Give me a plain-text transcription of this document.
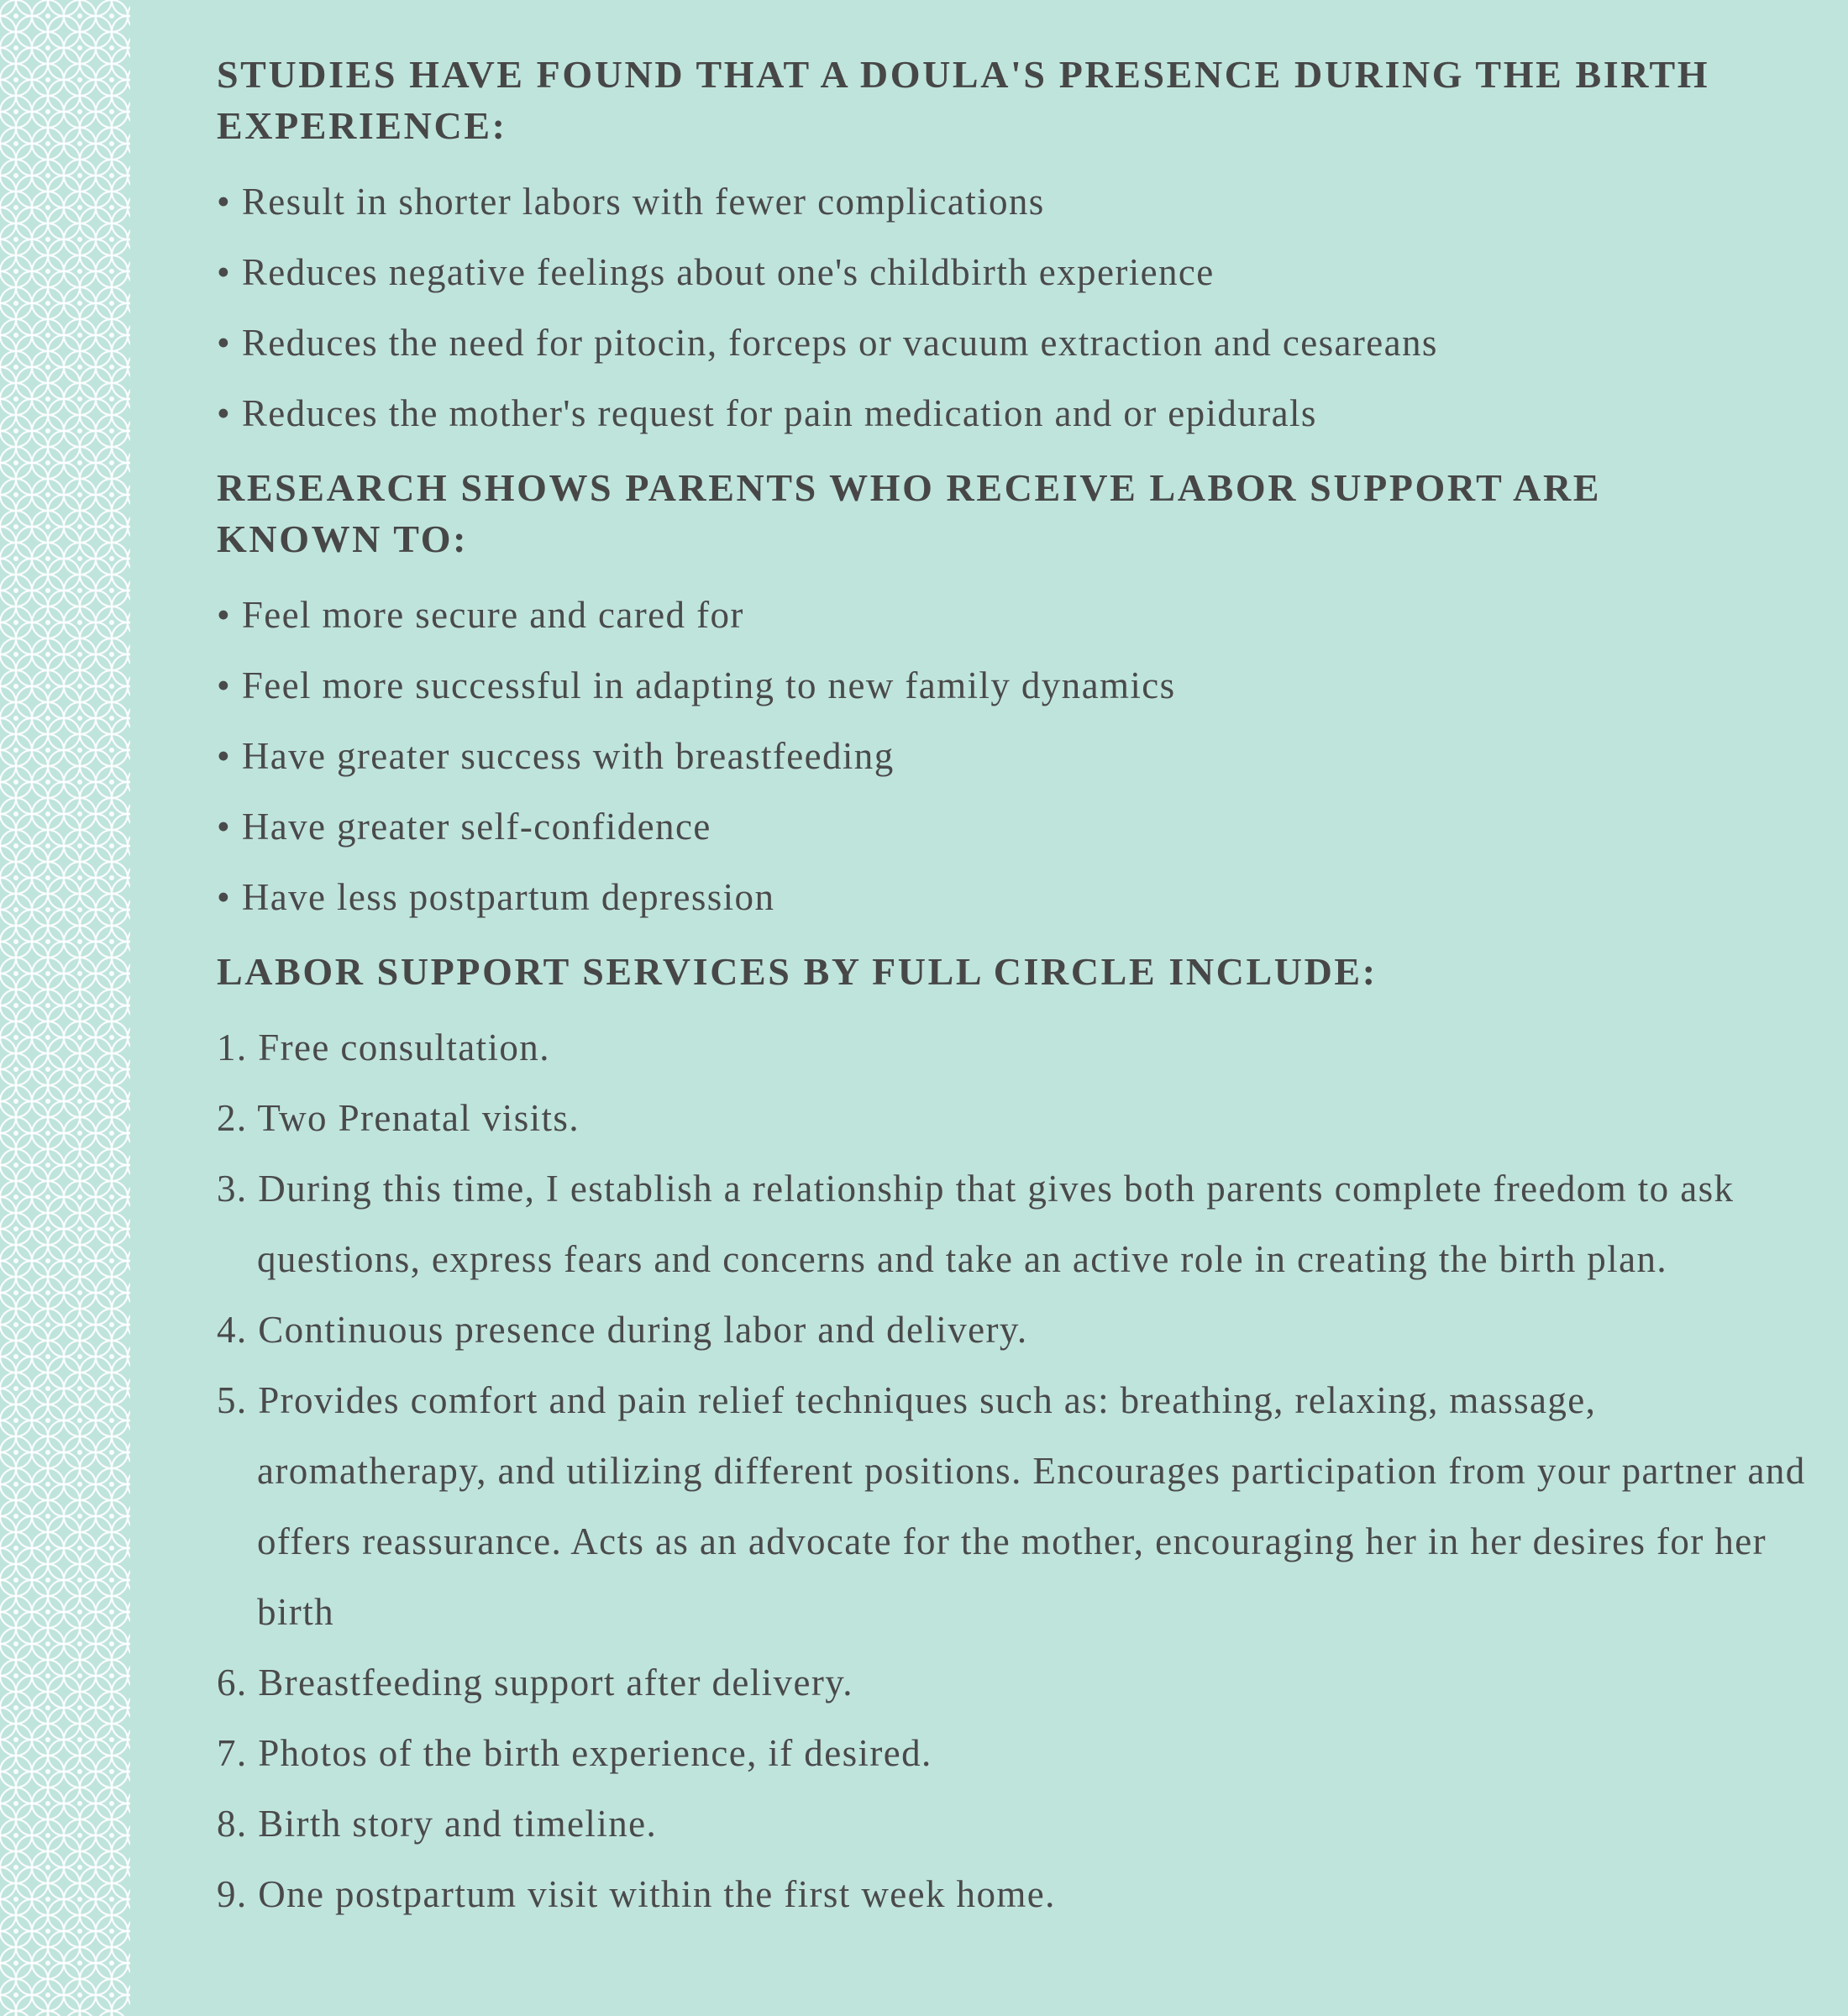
STUDIES HAVE FOUND THAT A DOULA'S PRESENCE DURING THE BIRTH EXPERIENCE:
• Result in shorter labors with fewer complications
• Reduces negative feelings about one's childbirth experience
• Reduces the need for pitocin, forceps or vacuum extraction and cesareans
• Reduces the mother's request for pain medication and or epidurals
RESEARCH SHOWS PARENTS WHO RECEIVE LABOR SUPPORT ARE KNOWN TO:
• Feel more secure and cared for
• Feel more successful in adapting to new family dynamics
• Have greater success with breastfeeding
• Have greater self-confidence
• Have less postpartum depression
LABOR SUPPORT SERVICES BY FULL CIRCLE INCLUDE:
1. Free consultation.
2. Two Prenatal visits.
3. During this time, I establish a relationship that gives both parents complete freedom to ask questions, express fears and concerns and take an active role in creating the birth plan.
4. Continuous presence during labor and delivery.
5. Provides comfort and pain relief techniques such as: breathing, relaxing, massage, aromatherapy, and utilizing different positions. Encourages participation from your partner and offers reassurance. Acts as an advocate for the mother, encouraging her in her desires for her birth
6. Breastfeeding support after delivery.
7. Photos of the birth experience, if desired.
8. Birth story and timeline.
9. One postpartum visit within the first week home.
